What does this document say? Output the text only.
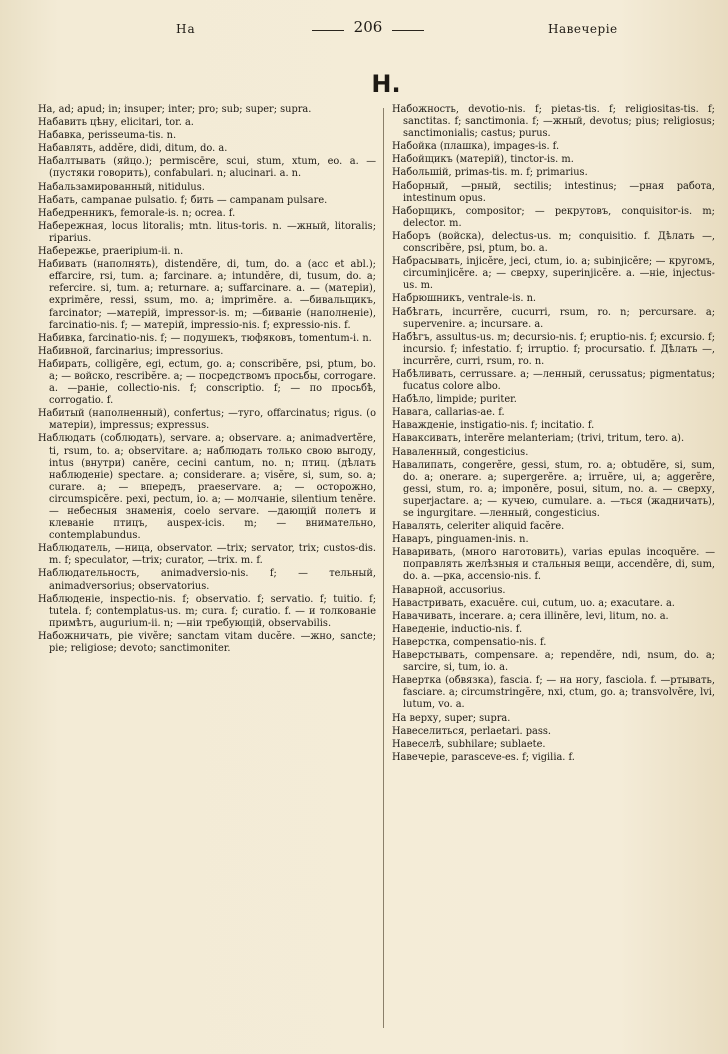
На	206	Навечеріе
Н.

На, ad; apud; in; insuper; inter; pro; sub; super; supra.

Набавить цѣну, elicitari, tor. a.

Набавка, perisseuma-tis. n.

Набавлять, addĕre, didi, ditum, do. a.

Набалтывать (яйцо.); permiscēre, scui, stum, xtum, eo. a. — (пустяки говорить), confabulari. n; alucinari. a. n.

Набальзамированный, nitidulus.

Набать, campanae pulsatio. f; бить — campanam pulsare.

Набедренникъ, femorale-is. n; ocrea. f.

Набережная, locus litoralis; mtn. litus-toris. n. —жный, litoralis; riparius.

Набережье, praeripium-ii. n.

Набивать (наполнять), distendĕre, di, tum, do. a (acc et abl.); effarcire, rsi, tum. a; farcinare. a; intundĕre, di, tusum, do. a; refercire. si, tum. a; returnare. a; suffarcinare. a. — (матеріи), exprimĕre, ressi, ssum, mo. a; imprimĕre. a. —бивальщикъ, farcinator; —матерій, impressor-is. m; —биваніе (наполненіе), farcinatio-nis. f; — матерій, impressio-nis. f; expressio-nis. f.

Набивка, farcinatio-nis. f; — подушекъ, тюфяковъ, tomentum-i. n.

Набивной, farcinarius; impressorius.

Набирать, colligĕre, egi, ectum, go. a; conscribĕre, psi, ptum, bo. a; — войско, rescribĕre. a; — посредствомъ просьбы, corrogare. a. —раніе, collectio-nis. f; conscriptio. f; — по просьбѣ, corrogatio. f.

Набитый (наполненный), confertus; —туго, offarcinatus; rigus. (о матеріи), impressus; expressus.

Наблюдать (соблюдать), servare. a; observare. a; animadvertĕre, ti, rsum, to. a; observitare. a; наблюдать только свою выгоду, intus (внутри) canĕre, cecini cantum, no. n; птиц. (дѣлать наблюденіе) spectare. a; considerare. a; visĕre, si, sum, so. a; curare. a; — впередъ, praeservare. a; — осторожно, circumspicĕre. pexi, pectum, io. a; — молчаніе, silentium tenĕre. — небесныя знаменія, coelo servare. —дающій полетъ и клеваніе птицъ, auspex-icis. m; — внимательно, contemplabundus.

Наблюдатель, —ница, observator. —trix; servator, trix; custos-dis. m. f; speculator, —trix; curator, —trix. m. f.

Наблюдательность, animadversio-nis. f; — тельный, animadversorius; observatorius.

Наблюденіе, inspectio-nis. f; observatio. f; servatio. f; tuitio. f; tutela. f; contemplatus-us. m; cura. f; curatio. f. — и толкованіе примѣтъ, augurium-ii. n; —ніи требующій, observabilis.

Набожничать, pie vivĕre; sanctam vitam ducĕre. —жно, sancte; pie; religiose; devoto; sanctimoniter.

Набожность, devotio-nis. f; pietas-tis. f; religiositas-tis. f; sanctitas. f; sanctimonia. f; —жный, devotus; pius; religiosus; sanctimonialis; castus; purus.

Набойка (плашка), impages-is. f.

Набойщикъ (матерій), tinctor-is. m.

Набольшій, primas-tis. m. f; primarius.

Наборный, —рный, sectilis; intestinus; —рная работа, intestinum opus.

Наборщикъ, compositor; — рекрутовъ, conquisitor-is. m; delector. m.

Наборъ (войска), delectus-us. m; conquisitio. f. Дѣлать —, conscribĕre, psi, ptum, bo. a.

Набрасывать, injicĕre, jeci, ctum, io. a; subinjicĕre; — кругомъ, circuminjicĕre. a; — сверху, superinjicĕre. a. —ніе, injectus-us. m.

Набрюшникъ, ventrale-is. n.

Набѣгать, incurrĕre, cucurri, rsum, ro. n; percursare. a; supervenire. a; incursare. a.

Набѣгъ, assultus-us. m; decursio-nis. f; eruptio-nis. f; excursio. f; incursio. f; infestatio. f; irruptio. f; procursatio. f. Дѣлать —, incurrĕre, curri, rsum, ro. n.

Набѣливать, cerrussare. a; —ленный, cerussatus; pigmentatus; fucatus colore albo.

Набѣло, limpide; puriter.

Навага, callarias-ae. f.

Наважденіе, instigatio-nis. f; incitatio. f.

Наваксивать, interĕre melanteriam; (trivi, tritum, tero. a).

Наваленный, congesticius.

Навалипать, congerĕre, gessi, stum, ro. a; obtudĕre, si, sum, do. a; onerare. a; supergerĕre. a; irruĕre, ui, a; aggerĕre, gessi, stum, ro. a; imponĕre, posui, situm, no. a. — сверху, superjactare. a; — кучею, cumulare. a. —ться (жадничать), se ingurgitare. —ленный, congesticius.

Навалять, celeriter aliquid facĕre.

Наваръ, pinguamen-inis. n.

Наваривать, (много наготовить), varias epulas incoquĕre. — поправлять желѣзныя и стальныя вещи, accendĕre, di, sum, do. a. —рка, accensio-nis. f.

Наварной, accusorius.

Навастривать, exacuĕre. cui, cutum, uo. a; exacutare. a.

Навачивать, incerare. a; cera illinĕre, levi, litum, no. a.

Наведеніе, inductio-nis. f.

Наверстка, compensatio-nis. f.

Наверстывать, compensare. a; rependĕre, ndi, nsum, do. a; sarcire, si, tum, io. a.

Навертка (обвязка), fascia. f; — на ногу, fasciola. f. —ртывать, fasciare. a; circumstringĕre, nxi, ctum, go. a; transvolvĕre, lvi, lutum, vo. a.

На верху, super; supra.

Навеселиться, perlaetari. pass.

Навеселѣ, subhilare; sublaete.

Навечеріе, parasceve-es. f; vigilia. f.
